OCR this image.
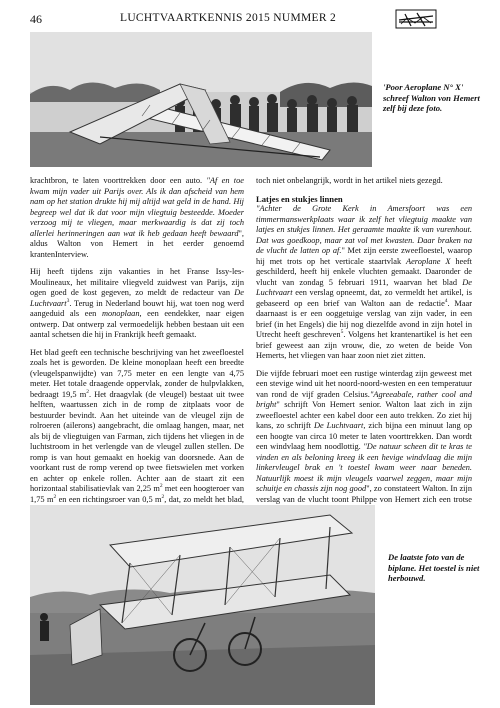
46	LUCHTVAARTKENNIS 2015 NUMMER 2
'Poor Aeroplane N° X' schreef Walton von Hemert zelf bij deze foto.

krachtbron, te laten voorttrekken door een auto. "Af en toe kwam mijn vader uit Parijs over. Als ik dan afscheid van hem nam op het station drukte hij mij altijd wat geld in de hand. Hij begreep wel dat ik dat voor mijn vliegtuig besteedde. Moeder verzoog mij te vliegen, maar merkwaardig is dat zij toch allerlei herinneringen aan wat ik heb gedaan heeft bewaard", aldus Walton von Hemert in het eerder genoemd krantenInterview.

Hij heeft tijdens zijn vakanties in het Franse Issy-les-Moulineaux, het militaire vliegveld zuidwest van Parijs, zijn ogen goed de kost gegeven, zo meldt de redacteur van De Luchtvaart$^3$. Terug in Nederland bouwt hij, wat toen nog werd aangeduid als een monoplaan, een eendekker, naar eigen ontwerp. Dat ontwerp zal vermoedelijk hebben bestaan uit een aantal schetsen die hij in Frankrijk heeft gemaakt.

Het blad geeft een technische beschrijving van het zweefloestel zoals het is geworden. De kleine monoplaan heeft een breedte (vleugelspanwijdte) van 7,75 meter en een lengte van 4,75 meter. Het totale draagende oppervlak, zonder de hulpvlakken, bedraagt 19,5 $m^2$. Het draagvlak (de vleugel) bestaat uit twee helften, waartussen zich in de romp de zitplaats voor de bestuurder bevindt. Aan het uiteinde van de vleugel zijn de rolroeren (ailerons) aangebracht, die omlaag hangen, maar, net als bij de vliegtuigen van Farman, zich tijdens het vliegen in de luchtstroom in het verlengde van de vleugel zullen stellen. De romp is van hout gemaakt en hoekig van doorsnede. Aan de voorkant rust de romp verend op twee fietswielen met vorken en achter op enkele rollen. Achter aan de staart zit een horizontaal stabilisatievlak van 2,25 $m^2$ met een hoogteroer van 1,75 $m^2$ en een richtingsroer van 0,5 $m^2$, dat, zo meldt het blad,

toch niet onbelangrijk, wordt in het artikel niets gezegd.

Latjes en stukjes linnen

"Achter de Grote Kerk in Amersfoort was een timmermanswerkplaats waar ik zelf het vliegtuig maakte van latjes en stukjes linnen. Het geraamte maakte ik van vurenhout. Dat was goedkoop, maar zat vol met kwasten. Daar braken na de vlucht de latten op af." Met zijn eerste zweefloestel, waarop hij met trots op het verticale staartvlak Aeroplane X heeft geschilderd, heeft hij enkele vluchten gemaakt. Daaronder de vlucht van zondag 5 februari 1911, waarvan het blad De Luchtvaart een verslag opneemt, dat, zo vermeldt het artikel, is gebaseerd op een brief van Walton aan de redactie$^4$. Maar daarnaast is er een ooggetuige verslag van zijn vader, in een brief (in het Engels) die hij nog diezelfde avond in zijn hotel in Utrecht heeft geschreven$^5$. Volgens het krantenartikel is het een brief geweest aan zijn vrouw, die, zo weten de beide Von Hemerts, het vliegen van haar zoon niet ziet zitten.

Die vijfde februari moet een rustige winterdag zijn geweest met een stevige wind uit het noord-noord-westen en een temperatuur van rond de vijf graden Celsius."Agreeabale, rather cool and bright" schrijft Von Hemert senior. Walton laat zich in zijn zweefloestel achter een kabel door een auto trekken. Zo ziet hij kans, zo schrijft De Luchtvaart, zich bijna een minuut lang op een hoogte van circa 10 meter te laten voorttrekken. Dan wordt een windvlaag hem noodlottig. "De natuur scheen dit te kras te vinden en als beloning kreeg ik een hevige windvlaag die mijn linkervleugel brak en 't toestel kwam weer naar beneden. Natuurlijk moest ik mijn vleugels vaarwel zeggen, maar mijn schuitje en chassis zijn nog good", zo constateert Walton. In zijn verslag van de vlucht toont Philppe von Hemert zich een trotse

De laatste foto van de biplane. Het toestel is niet herbouwd.
